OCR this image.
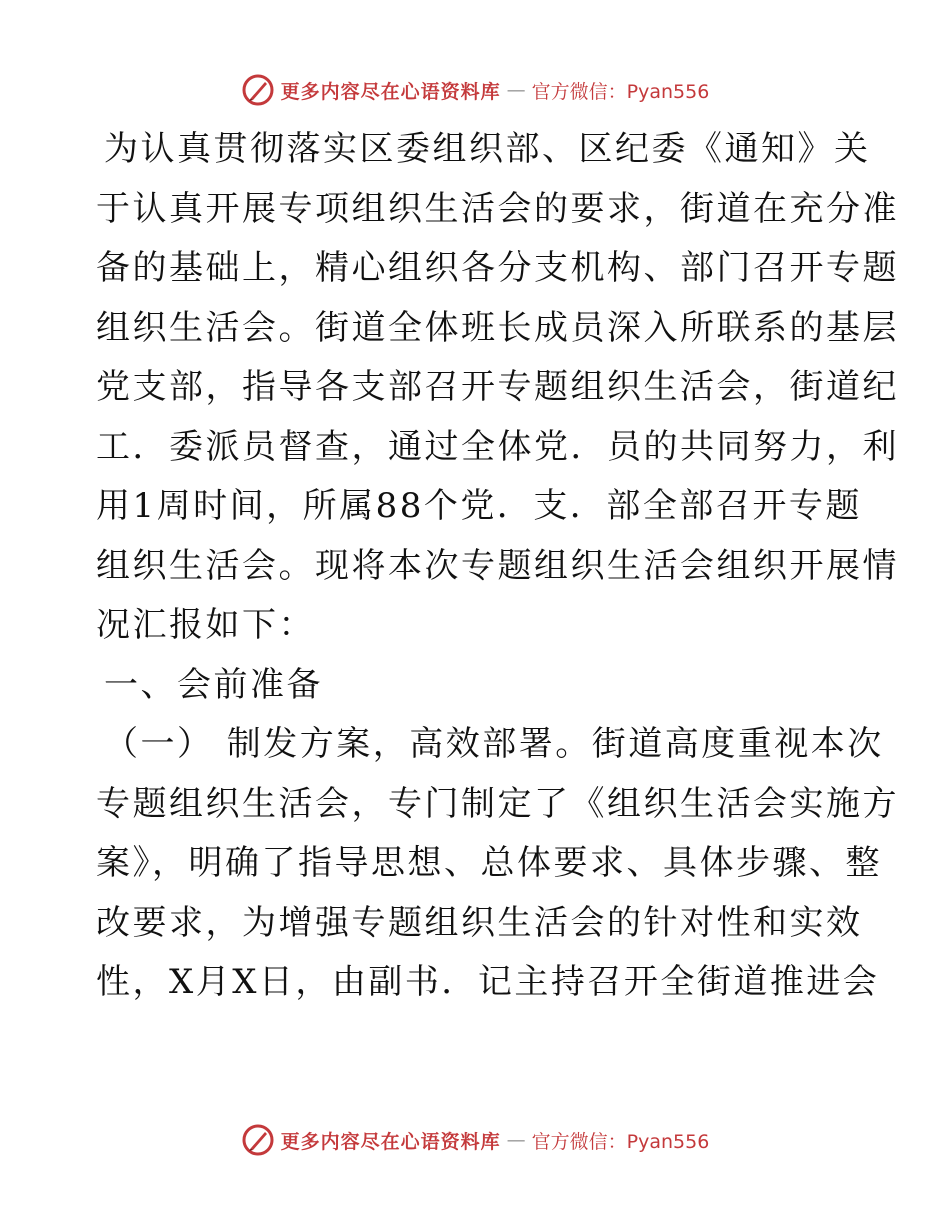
更多内容尽在心语资料库 — 官方微信：Pyan556
为认真贯彻落实区委组织部、区纪委《通知》关
于认真开展专项组织生活会的要求，街道在充分准
备的基础上，精心组织各分支机构、部门召开专题
组织生活会。街道全体班长成员深入所联系的基层
党支部，指导各支部召开专题组织生活会，街道纪
工．委派员督查，通过全体党．员的共同努力，利
用1周时间，所属88个党．支．部全部召开专题
组织生活会。现将本次专题组织生活会组织开展情
况汇报如下：
一、会前准备
（一） 制发方案，高效部署。街道高度重视本次
专题组织生活会，专门制定了《组织生活会实施方
案》，明确了指导思想、总体要求、具体步骤、整
改要求，为增强专题组织生活会的针对性和实效
性，X月X日，由副书．记主持召开全街道推进会
更多内容尽在心语资料库 — 官方微信：Pyan556
